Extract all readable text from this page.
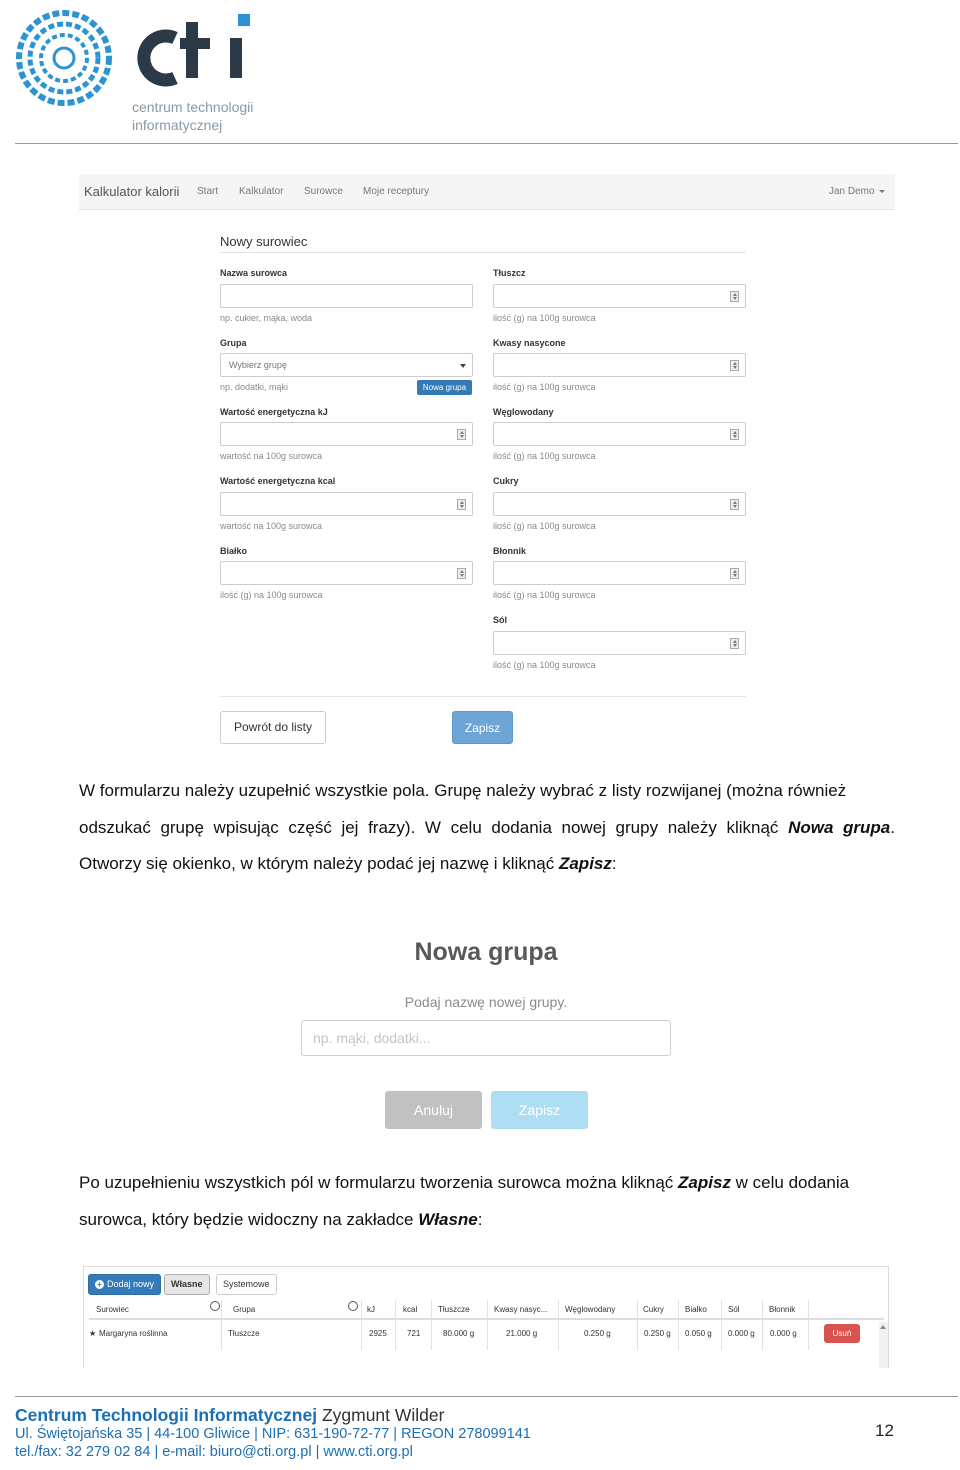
centrum technologii
informatycznej
Kalkulator kalorii Start Kalkulator Surowce Moje receptury	Jan Demo
Nowy surowiec
Nazwa surowca
np. cukier, mąka, woda
Grupa
Wybierz grupę
np. dodatki, mąki	Nowa grupa
Wartość energetyczna kJ
wartość na 100g surowca
Wartość energetyczna kcal
wartość na 100g surowca
Białko
ilość (g) na 100g surowca
Tłuszcz
ilość (g) na 100g surowca
Kwasy nasycone
ilość (g) na 100g surowca
Węglowodany
ilość (g) na 100g surowca
Cukry
ilość (g) na 100g surowca
Błonnik
ilość (g) na 100g surowca
Sól
ilość (g) na 100g surowca
Powrót do listy	Zapisz
W formularzu należy uzupełnić wszystkie pola. Grupę należy wybrać z listy rozwijanej (można również
odszukać grupę wpisując część jej frazy). W celu dodania nowej grupy należy kliknąć Nowa grupa.
Otworzy się okienko, w którym należy podać jej nazwę i kliknąć Zapisz:
Nowa grupa
Podaj nazwę nowej grupy.
np. mąki, dodatki...
Anuluj	Zapisz
Po uzupełnieniu wszystkich pól w formularzu tworzenia surowca można kliknąć Zapisz w celu dodania
surowca, który będzie widoczny na zakładce Własne:
+ Dodaj nowy	Własne	Systemowe
Surowiec	Grupa	kJ	kcal	Tłuszcze	Kwasy nasyc... Węglowodany	Cukry	Białko	Sól	Błonnik
★ Margaryna roślinna	Tłuszcze	2925	721	80.000 g	21.000 g	0.250 g	0.250 g 0.050 g 0.000 g 0.000 g	Usuń
Centrum Technologii Informatycznej Zygmunt Wilder
Ul. Świętojańska 35 | 44-100 Gliwice | NIP: 631-190-72-77 | REGON 278099141
tel./fax: 32 279 02 84 | e-mail: biuro@cti.org.pl | www.cti.org.pl
12
